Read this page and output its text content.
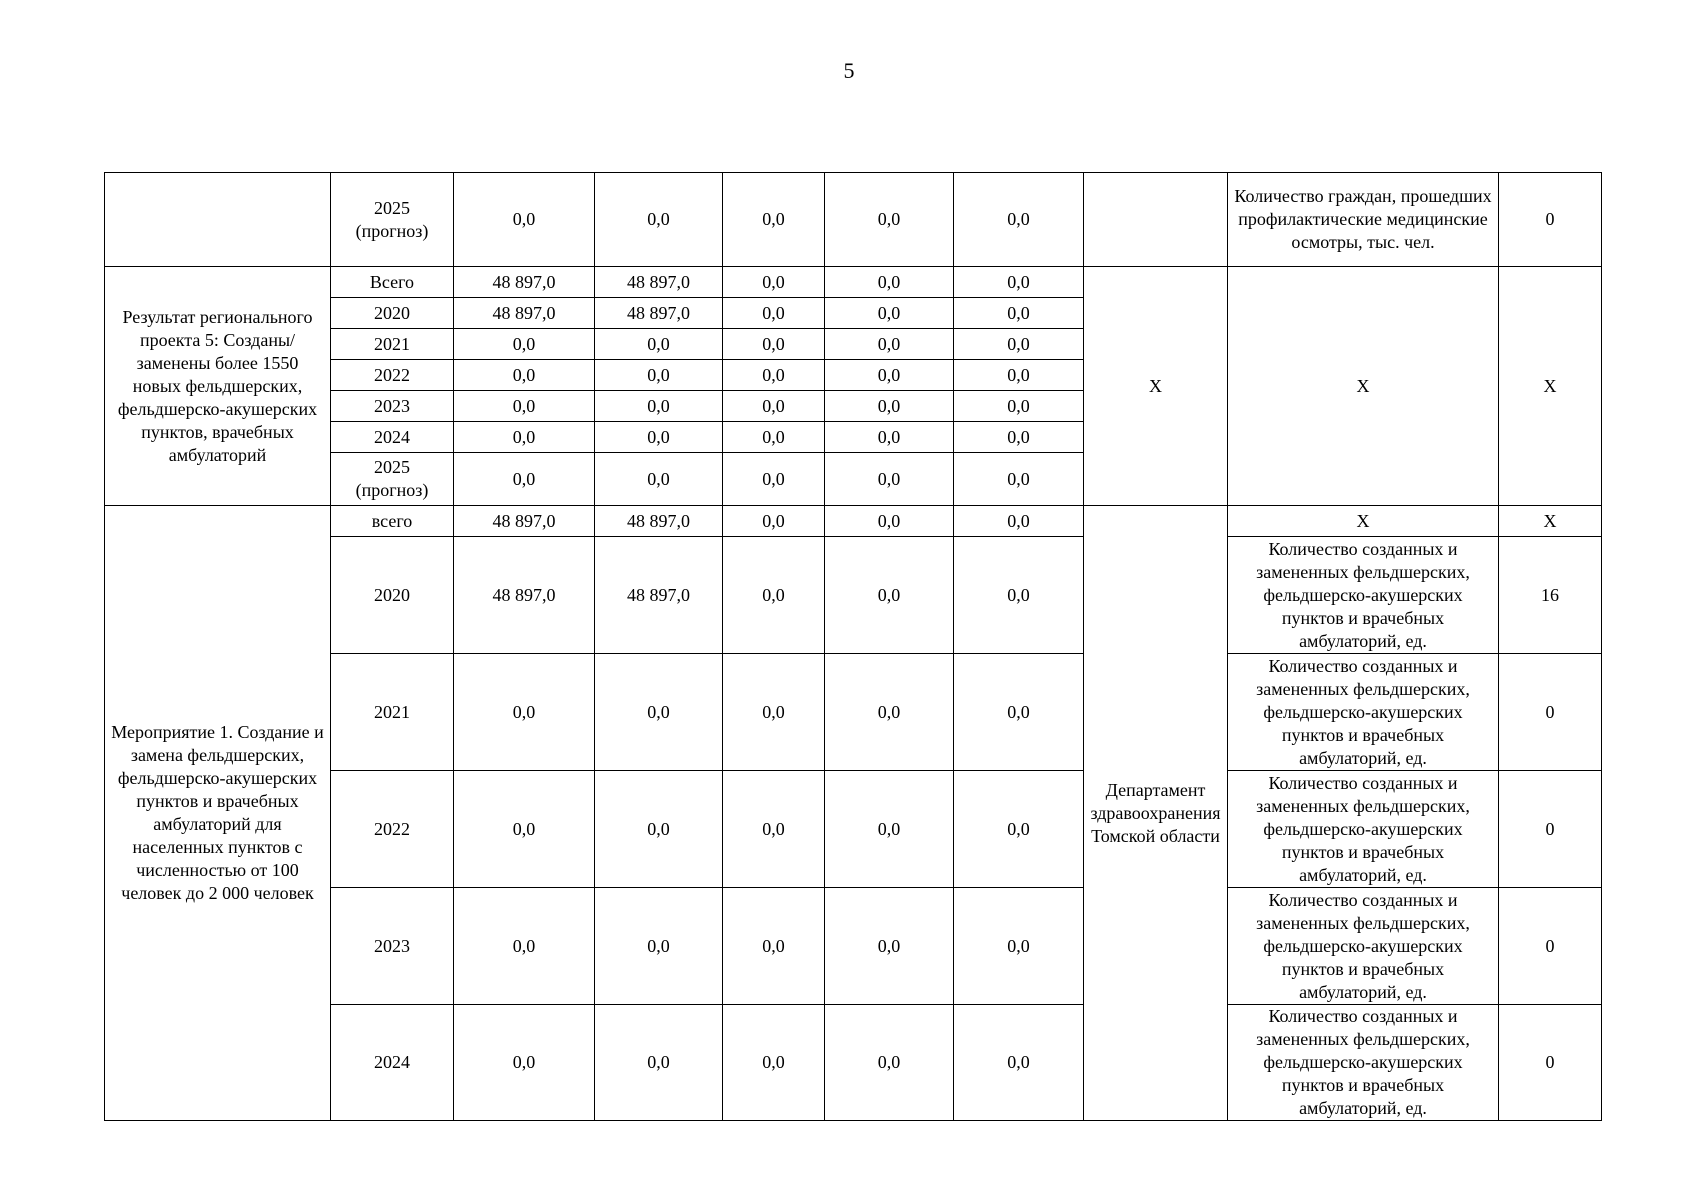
5
	2025 (прогноз)	0,0	0,0	0,0	0,0	0,0		Количество граждан, прошедших профилактические медицинские осмотры, тыс. чел.	0
Результат регионального проекта 5: Созданы/заменены более 1550 новых фельдшерских, фельдшерско-акушерских пунктов, врачебных амбулаторий	Всего	48 897,0	48 897,0	0,0	0,0	0,0	Х	Х	Х
	2020	48 897,0	48 897,0	0,0	0,0	0,0			
	2021	0,0	0,0	0,0	0,0	0,0			
	2022	0,0	0,0	0,0	0,0	0,0			
	2023	0,0	0,0	0,0	0,0	0,0			
	2024	0,0	0,0	0,0	0,0	0,0			
	2025 (прогноз)	0,0	0,0	0,0	0,0	0,0			
Мероприятие 1. Создание и замена фельдшерских, фельдшерско-акушерских пунктов и врачебных амбулаторий для населенных пунктов с численностью от 100 человек до 2 000 человек	всего	48 897,0	48 897,0	0,0	0,0	0,0	Департамент здравоохранения Томской области	Х	Х
	2020	48 897,0	48 897,0	0,0	0,0	0,0		Количество созданных и замененных фельдшерских, фельдшерско-акушерских пунктов и врачебных амбулаторий, ед.	16
	2021	0,0	0,0	0,0	0,0	0,0		Количество созданных и замененных фельдшерских, фельдшерско-акушерских пунктов и врачебных амбулаторий, ед.	0
	2022	0,0	0,0	0,0	0,0	0,0		Количество созданных и замененных фельдшерских, фельдшерско-акушерских пунктов и врачебных амбулаторий, ед.	0
	2023	0,0	0,0	0,0	0,0	0,0		Количество созданных и замененных фельдшерских, фельдшерско-акушерских пунктов и врачебных амбулаторий, ед.	0
	2024	0,0	0,0	0,0	0,0	0,0		Количество созданных и замененных фельдшерских, фельдшерско-акушерских пунктов и врачебных амбулаторий, ед.	0
